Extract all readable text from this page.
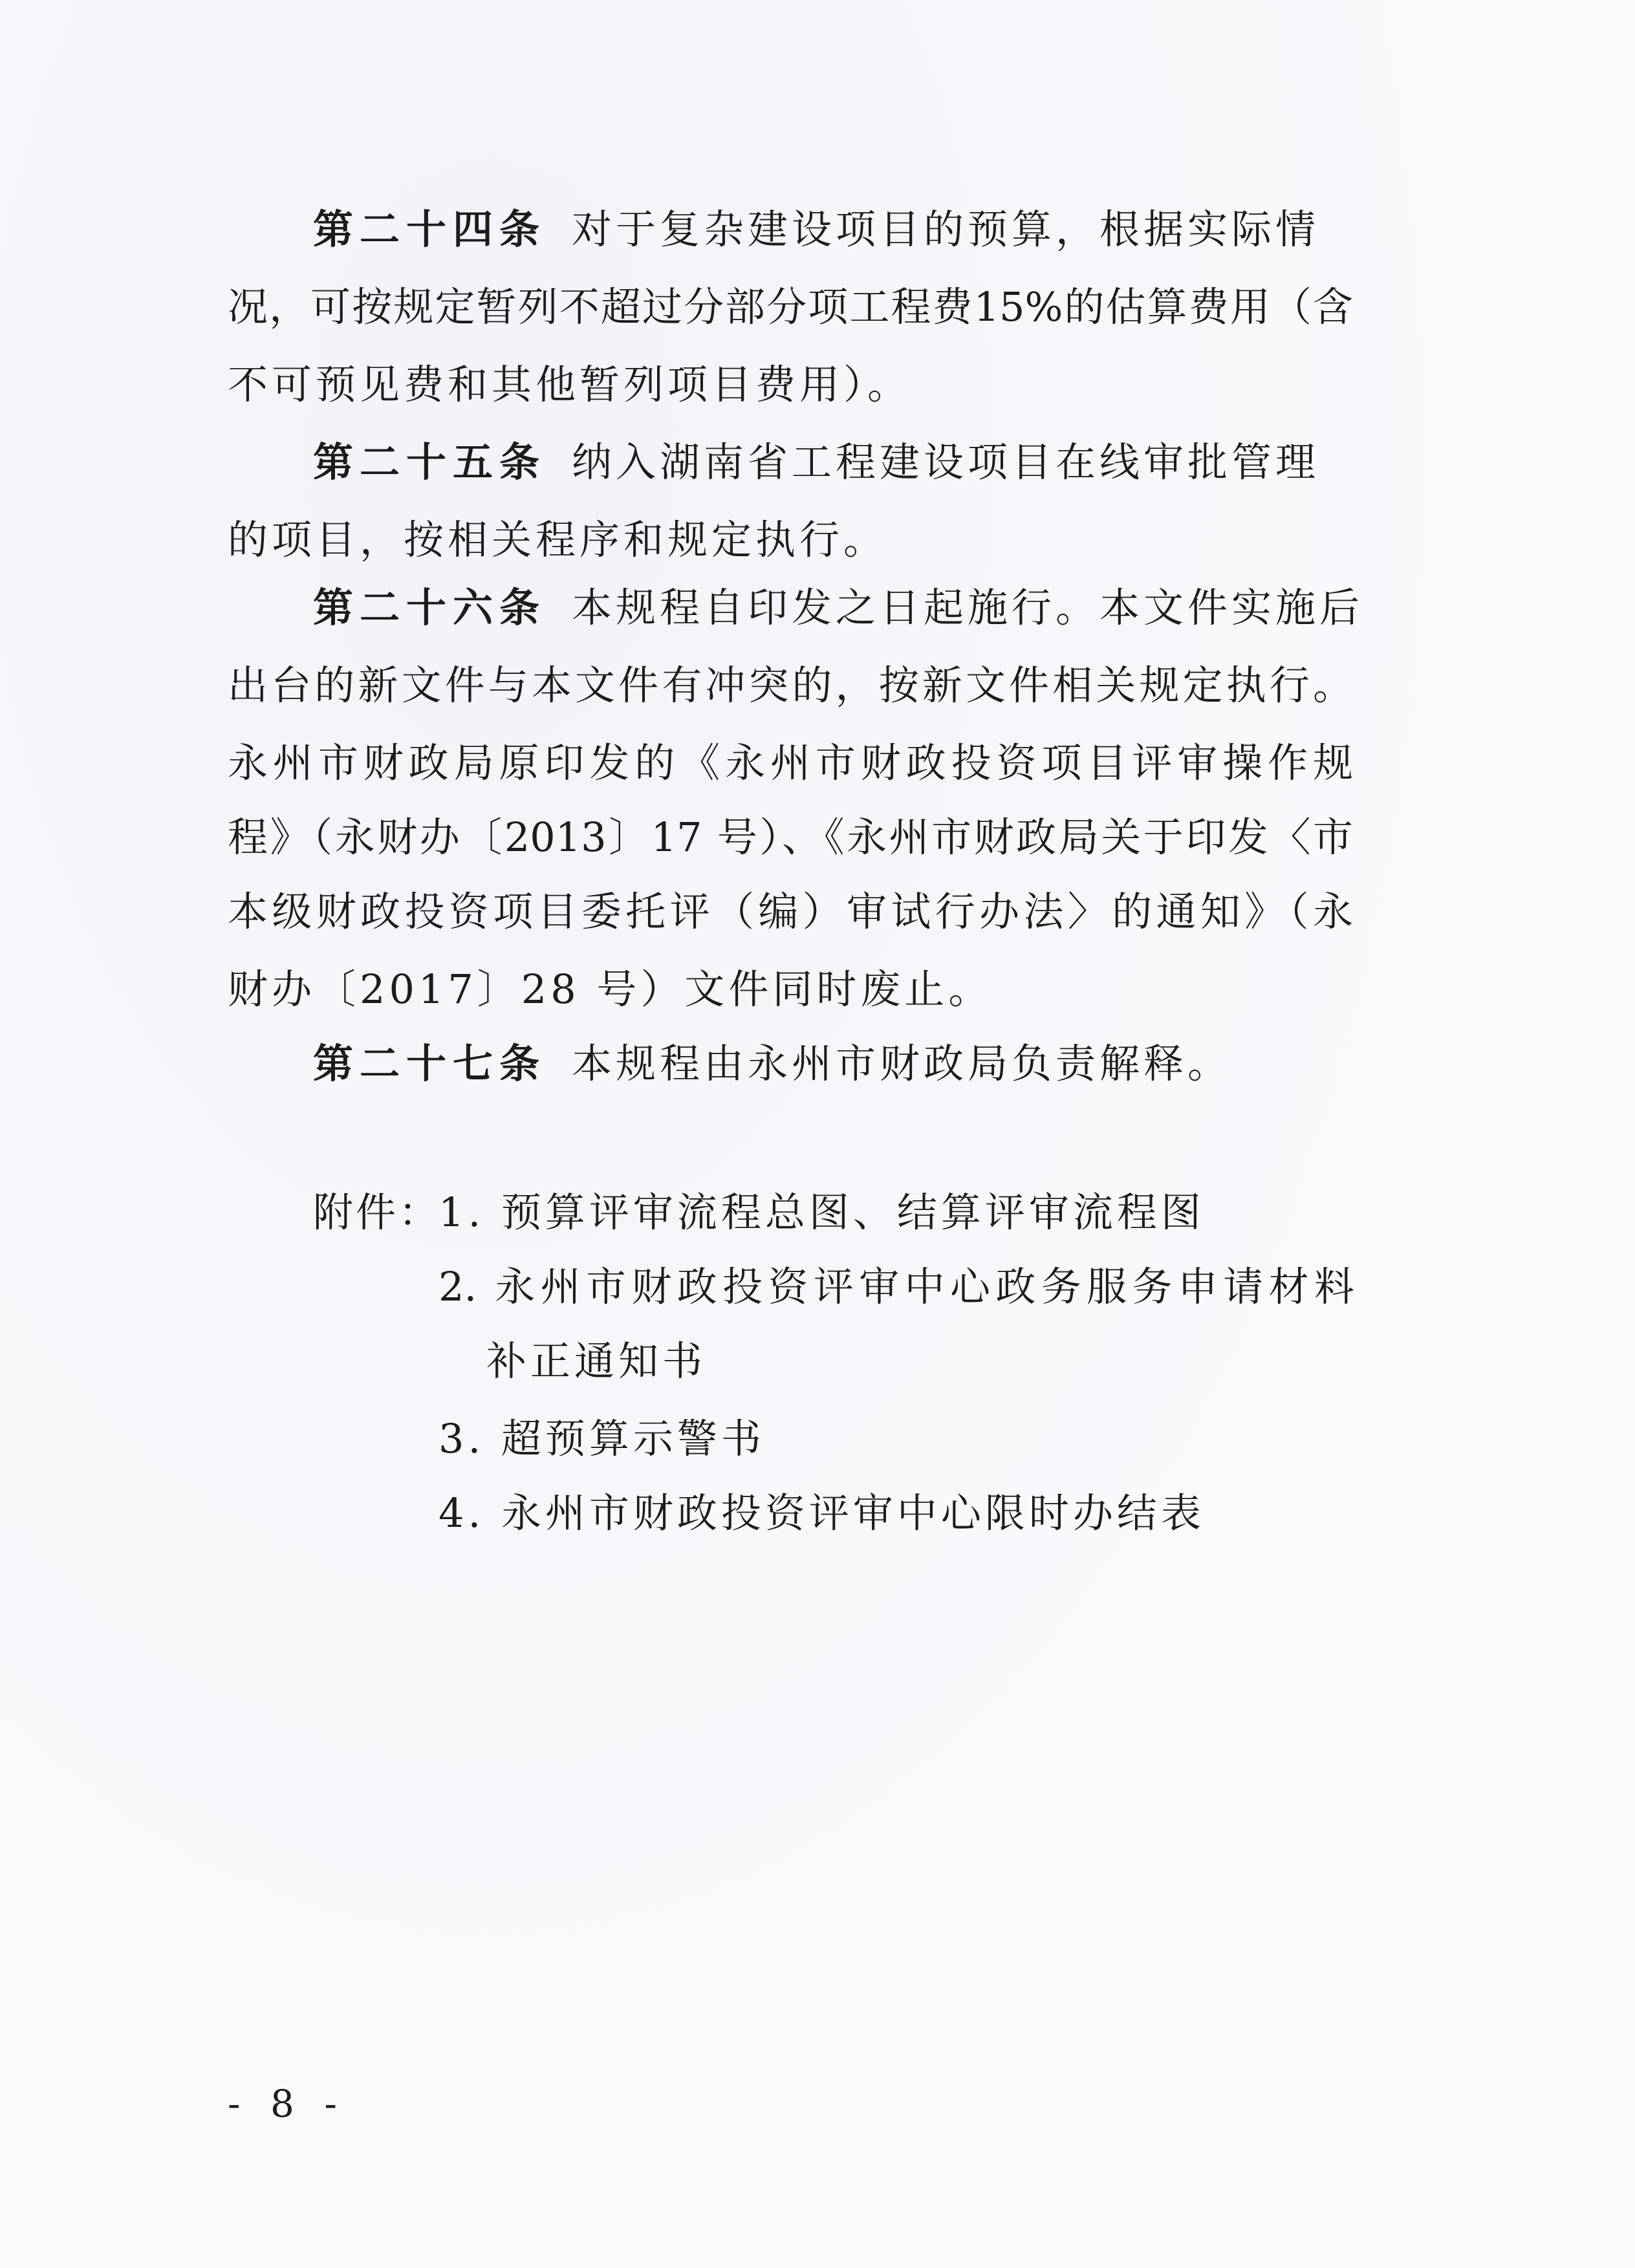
第二十四条 对于复杂建设项目的预算，根据实际情
况，可按规定暂列不超过分部分项工程费15%的估算费用（含
不可预见费和其他暂列项目费用）。
第二十五条 纳入湖南省工程建设项目在线审批管理
的项目，按相关程序和规定执行。
第二十六条 本规程自印发之日起施行。本文件实施后
出台的新文件与本文件有冲突的，按新文件相关规定执行。
永州市财政局原印发的《永州市财政投资项目评审操作规
程》（永财办〔2013〕17 号）、《永州市财政局关于印发〈市
本级财政投资项目委托评（编）审试行办法〉的通知》（永
财办〔2017〕28 号）文件同时废止。
第二十七条 本规程由永州市财政局负责解释。
附件：
1. 预算评审流程总图、结算评审流程图
2. 永州市财政投资评审中心政务服务申请材料
补正通知书
3. 超预算示警书
4. 永州市财政投资评审中心限时办结表
- 8 -
